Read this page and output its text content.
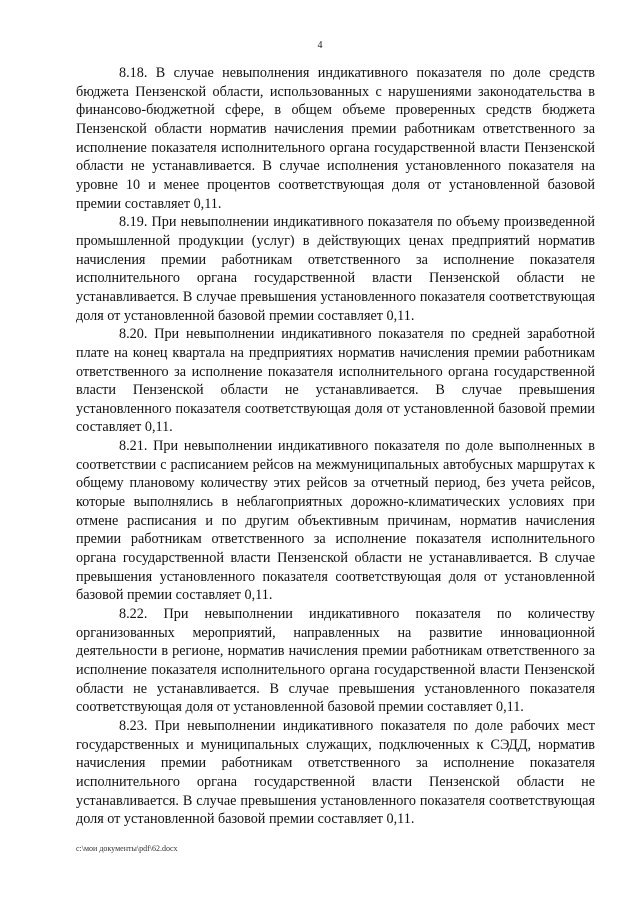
4

8.18. В случае невыполнения индикативного показателя по доле средств бюджета Пензенской области, использованных с нарушениями законодательства в финансово-бюджетной сфере, в общем объеме проверенных средств бюджета Пензенской области норматив начисления премии работникам ответственного за исполнение показателя исполнительного органа государственной власти Пензенской области не устанавливается. В случае исполнения установленного показателя на уровне 10 и менее процентов соответствующая доля от установленной базовой премии составляет 0,11.

8.19. При невыполнении индикативного показателя по объему произведенной промышленной продукции (услуг) в действующих ценах предприятий норматив начисления премии работникам ответственного за исполнение показателя исполнительного органа государственной власти Пензенской области не устанавливается. В случае превышения установленного показателя соответствующая доля от установленной базовой премии составляет 0,11.

8.20. При невыполнении индикативного показателя по средней заработной плате на конец квартала на предприятиях норматив начисления премии работникам ответственного за исполнение показателя исполнительного органа государственной власти Пензенской области не устанавливается. В случае превышения установленного показателя соответствующая доля от установленной базовой премии составляет 0,11.

8.21. При невыполнении индикативного показателя по доле выполненных в соответствии с расписанием рейсов на межмуниципальных автобусных маршрутах к общему плановому количеству этих рейсов за отчетный период, без учета рейсов, которые выполнялись в неблагоприятных дорожно-климатических условиях при отмене расписания и по другим объективным причинам, норматив начисления премии работникам ответственного за исполнение показателя исполнительного органа государственной власти Пензенской области не устанавливается. В случае превышения установленного показателя соответствующая доля от установленной базовой премии составляет 0,11.

8.22. При невыполнении индикативного показателя по количеству организованных мероприятий, направленных на развитие инновационной деятельности в регионе, норматив начисления премии работникам ответственного за исполнение показателя исполнительного органа государственной власти Пензенской области не устанавливается. В случае превышения установленного показателя соответствующая доля от установленной базовой премии составляет 0,11.

8.23. При невыполнении индикативного показателя по доле рабочих мест государственных и муниципальных служащих, подключенных к СЭДД, норматив начисления премии работникам ответственного за исполнение показателя исполнительного органа государственной власти Пензенской области не устанавливается. В случае превышения установленного показателя соответствующая доля от установленной базовой премии составляет 0,11.

c:\мои документы\pdf\62.docx
